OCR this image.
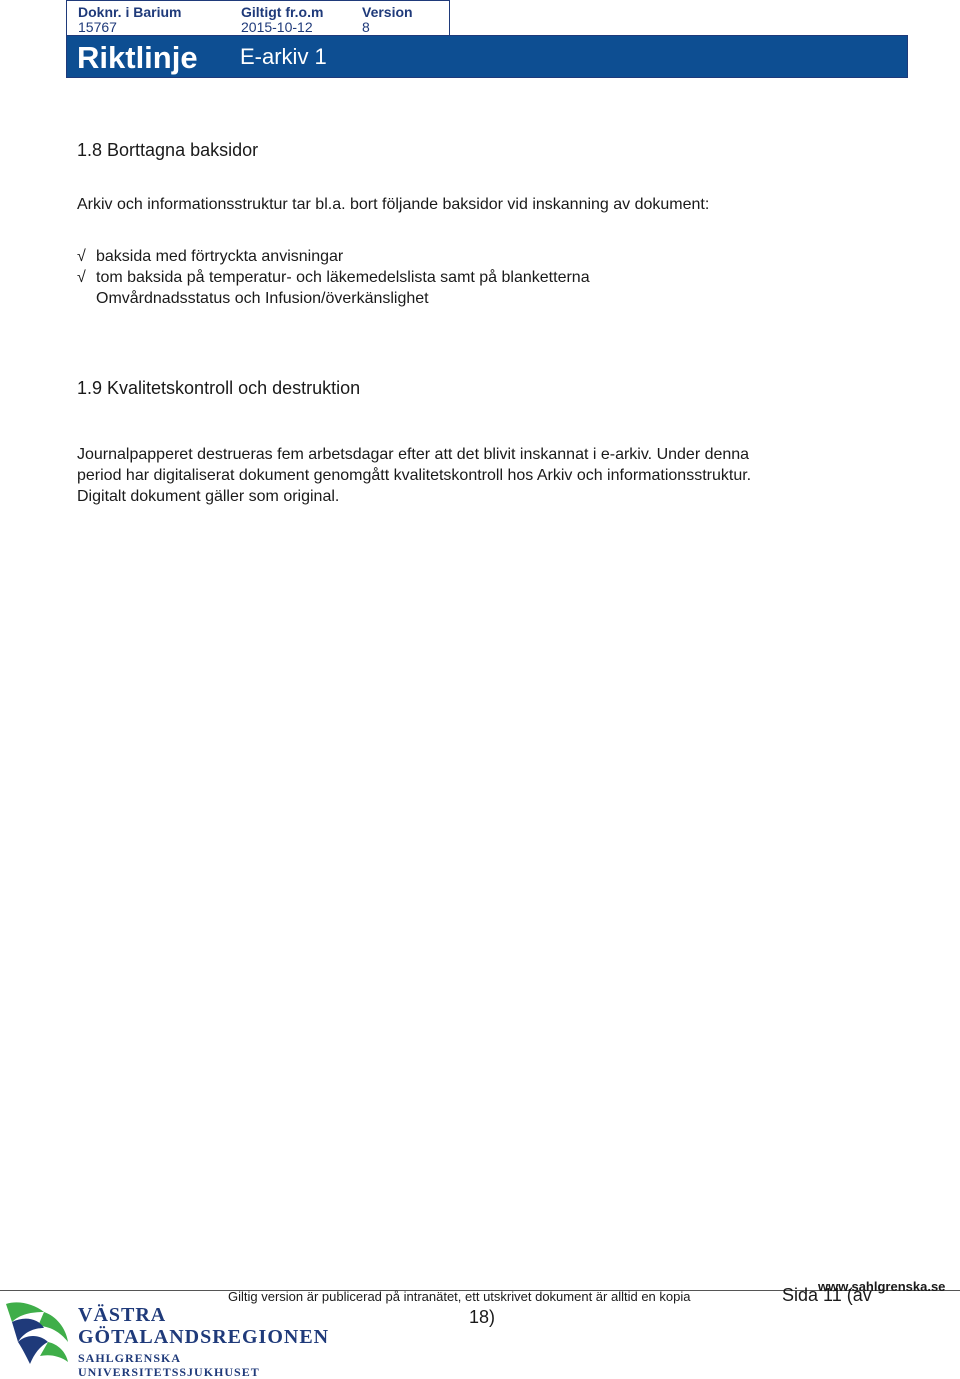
Doknr. i Barium
15767
Giltigt fr.o.m
2015-10-12
Version
8
Riktlinje E-arkiv 1
1.8 Borttagna baksidor
Arkiv och informationsstruktur tar bl.a. bort följande baksidor vid inskanning av dokument:
√ baksida med förtryckta anvisningar
√ tom baksida på temperatur- och läkemedelslista samt på blanketterna
Omvårdnadsstatus och Infusion/överkänslighet
1.9 Kvalitetskontroll och destruktion
Journalpapperet destrueras fem arbetsdagar efter att det blivit inskannat i e-arkiv. Under denna
period har digitaliserat dokument genomgått kvalitetskontroll hos Arkiv och informationsstruktur.
Digitalt dokument gäller som original.
Giltig version är publicerad på intranätet, ett utskrivet dokument är alltid en kopia	Sida 11 (av
18)
www.sahlgrenska.se
VÄSTRA
GÖTALANDSREGIONEN
SAHLGRENSKA UNIVERSITETSSJUKHUSET
